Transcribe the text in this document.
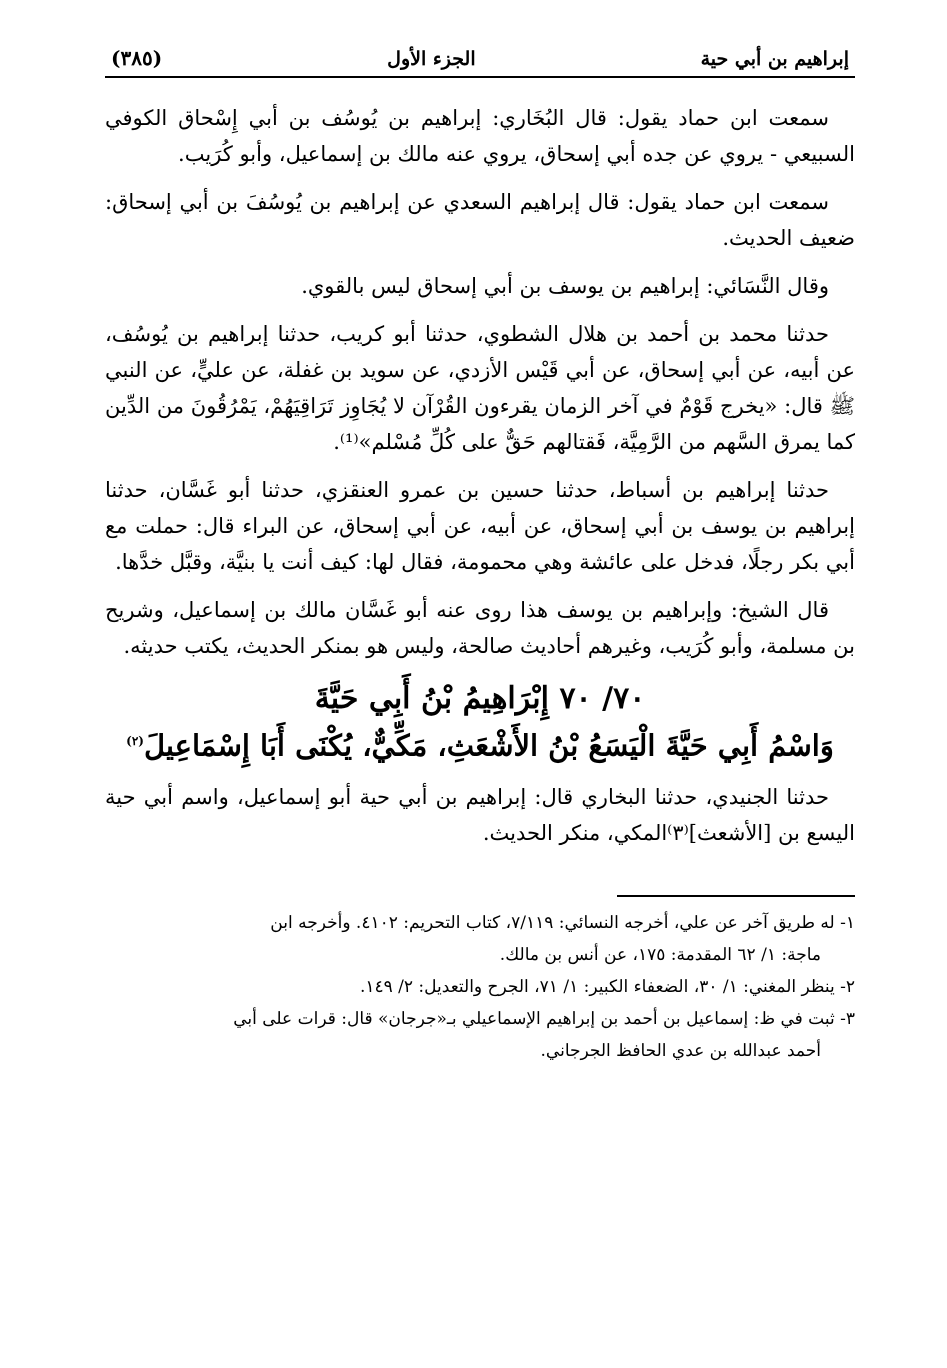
إبراهيم بن أبي حية
الجزء الأول
(٣٨٥)

سمعت ابن حماد يقول: قال البُخَاري: إبراهيم بن يُوسُف بن أبي إِسْحاق الكوفي السبيعي - يروي عن جده أبي إسحاق، يروي عنه مالك بن إسماعيل، وأبو كُرَيب.

سمعت ابن حماد يقول: قال إبراهيم السعدي عن إبراهيم بن يُوسُفَ بن أبي إسحاق: ضعيف الحديث.

وقال النَّسَائي: إبراهيم بن يوسف بن أبي إسحاق ليس بالقوي.

حدثنا محمد بن أحمد بن هلال الشطوي، حدثنا أبو كريب، حدثنا إبراهيم بن يُوسُف، عن أبيه، عن أبي إسحاق، عن أبي قَيْس الأزدي، عن سويد بن غفلة، عن عليٍّ، عن النبي ﷺ قال: «يخرج قَوْمٌ في آخر الزمان يقرءون القُرْآن لا يُجَاوِز تَرَاقِيَهُمْ، يَمْرُقُونَ من الدِّين كما يمرق السَّهم من الرَّمِيَّة، فَقتالهم حَقٌّ على كُلِّ مُسْلم»⁽¹⁾.

حدثنا إبراهيم بن أسباط، حدثنا حسين بن عمرو العنقزي، حدثنا أبو غَسَّان، حدثنا إبراهيم بن يوسف بن أبي إسحاق، عن أبيه، عن أبي إسحاق، عن البراء قال: حملت مع أبي بكر رجلًا، فدخل على عائشة وهي محمومة، فقال لها: كيف أنت يا بنيَّة، وقبَّل خدَّها.

قال الشيخ: وإبراهيم بن يوسف هذا روى عنه أبو غَسَّان مالك بن إسماعيل، وشريح بن مسلمة، وأبو كُرَيب، وغيرهم أحاديث صالحة، وليس هو بمنكر الحديث، يكتب حديثه.

٧٠/ ٧٠ إِبْرَاهِيمُ بْنُ أَبِي حَيَّةَ
وَاسْمُ أَبِي حَيَّةَ الْيَسَعُ بْنُ الأَشْعَثِ، مَكِّيٌّ، يُكْنَى أَبَا إِسْمَاعِيلَ$^{(٢)}$

حدثنا الجنيدي، حدثنا البخاري قال: إبراهيم بن أبي حية أبو إسماعيل، واسم أبي حية اليسع بن [الأشعث]⁽٣⁾المكي، منكر الحديث.

١- له طريق آخر عن علي، أخرجه النسائي: ٧/١١٩، كتاب التحريم: ٤١٠٢. وأخرجه ابن
ماجة: ١/ ٦٢ المقدمة: ١٧٥، عن أنس بن مالك.

٢- ينظر المغني: ١/ ٣٠، الضعفاء الكبير: ١/ ٧١، الجرح والتعديل: ٢/ ١٤٩.

٣- ثبت في ظ: إسماعيل بن أحمد بن إبراهيم الإسماعيلي بـ«جرجان» قال: قرات على أبي
أحمد عبدالله بن عدي الحافظ الجرجاني.
